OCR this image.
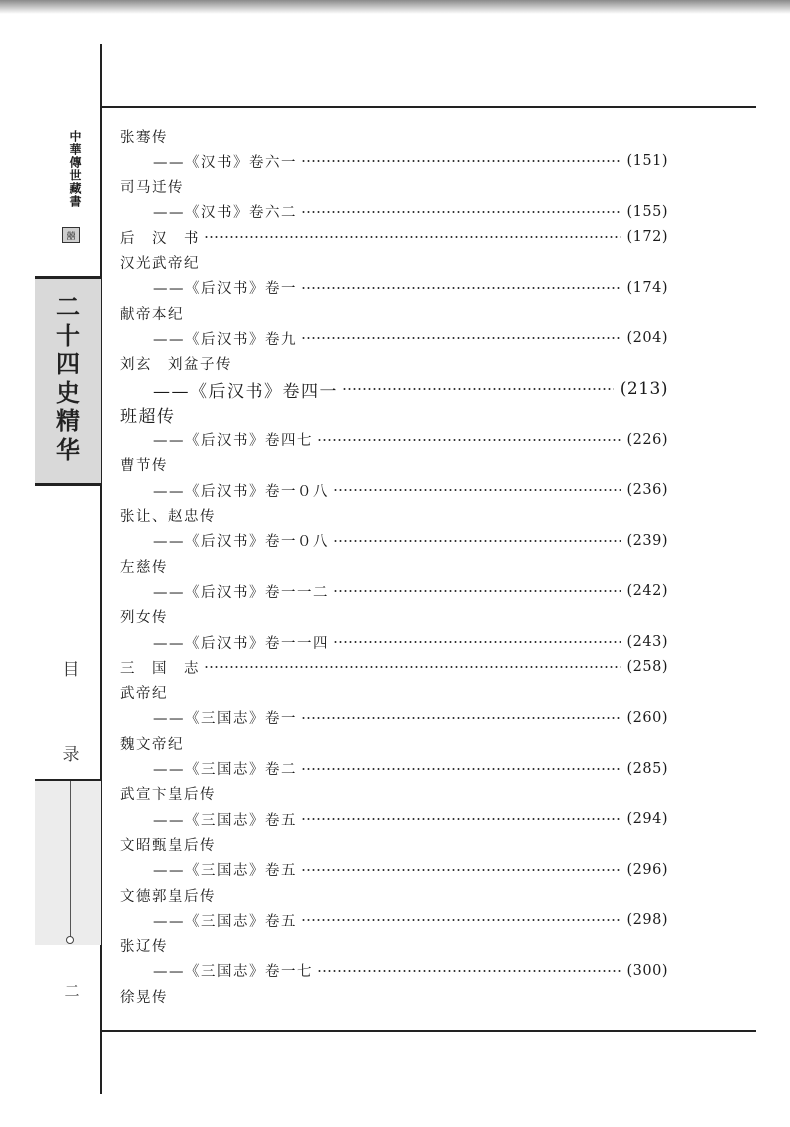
中華傳世藏書
囍
二
十
四
史
精
华
目
录
二
张骞传
——《汉书》卷六一	(151)
司马迁传
——《汉书》卷六二	(155)
后　汉　书	(172)
汉光武帝纪
——《后汉书》卷一	(174)
献帝本纪
——《后汉书》卷九	(204)
刘玄　刘盆子传
——《后汉书》卷四一	(213)
班超传
——《后汉书》卷四七	(226)
曹节传
——《后汉书》卷一０八	(236)
张让、赵忠传
——《后汉书》卷一０八	(239)
左慈传
——《后汉书》卷一一二	(242)
列女传
——《后汉书》卷一一四	(243)
三　国　志	(258)
武帝纪
——《三国志》卷一	(260)
魏文帝纪
——《三国志》卷二	(285)
武宣卞皇后传
——《三国志》卷五	(294)
文昭甄皇后传
——《三国志》卷五	(296)
文德郭皇后传
——《三国志》卷五	(298)
张辽传
——《三国志》卷一七	(300)
徐晃传
